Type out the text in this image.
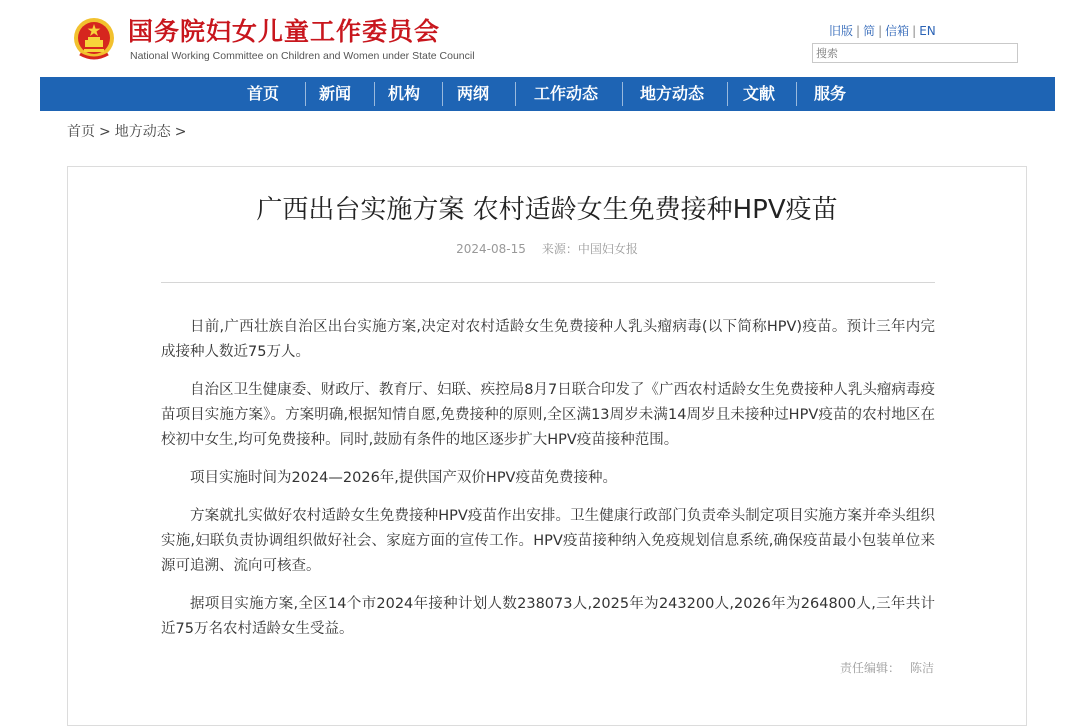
国务院妇女儿童工作委员会
National Working Committee on Children and Women under State Council
旧版 | 简 | 信箱 | EN
搜索
首页	新闻	机构	两纲	工作动态	地方动态	文献	服务
首页 > 地方动态 >
广西出台实施方案 农村适龄女生免费接种HPV疫苗
2024-08-15 来源：中国妇女报

日前,广西壮族自治区出台实施方案,决定对农村适龄女生免费接种人乳头瘤病毒(以下简称HPV)疫苗。预计三年内完成接种人数近75万人。

自治区卫生健康委、财政厅、教育厅、妇联、疾控局8月7日联合印发了《广西农村适龄女生免费接种人乳头瘤病毒疫苗项目实施方案》。方案明确,根据知情自愿,免费接种的原则,全区满13周岁未满14周岁且未接种过HPV疫苗的农村地区在校初中女生,均可免费接种。同时,鼓励有条件的地区逐步扩大HPV疫苗接种范围。

项目实施时间为2024—2026年,提供国产双价HPV疫苗免费接种。

方案就扎实做好农村适龄女生免费接种HPV疫苗作出安排。卫生健康行政部门负责牵头制定项目实施方案并牵头组织实施,妇联负责协调组织做好社会、家庭方面的宣传工作。HPV疫苗接种纳入免疫规划信息系统,确保疫苗最小包装单位来源可追溯、流向可核查。

据项目实施方案,全区14个市2024年接种计划人数238073人,2025年为243200人,2026年为264800人,三年共计近75万名农村适龄女生受益。

责任编辑： 陈洁
